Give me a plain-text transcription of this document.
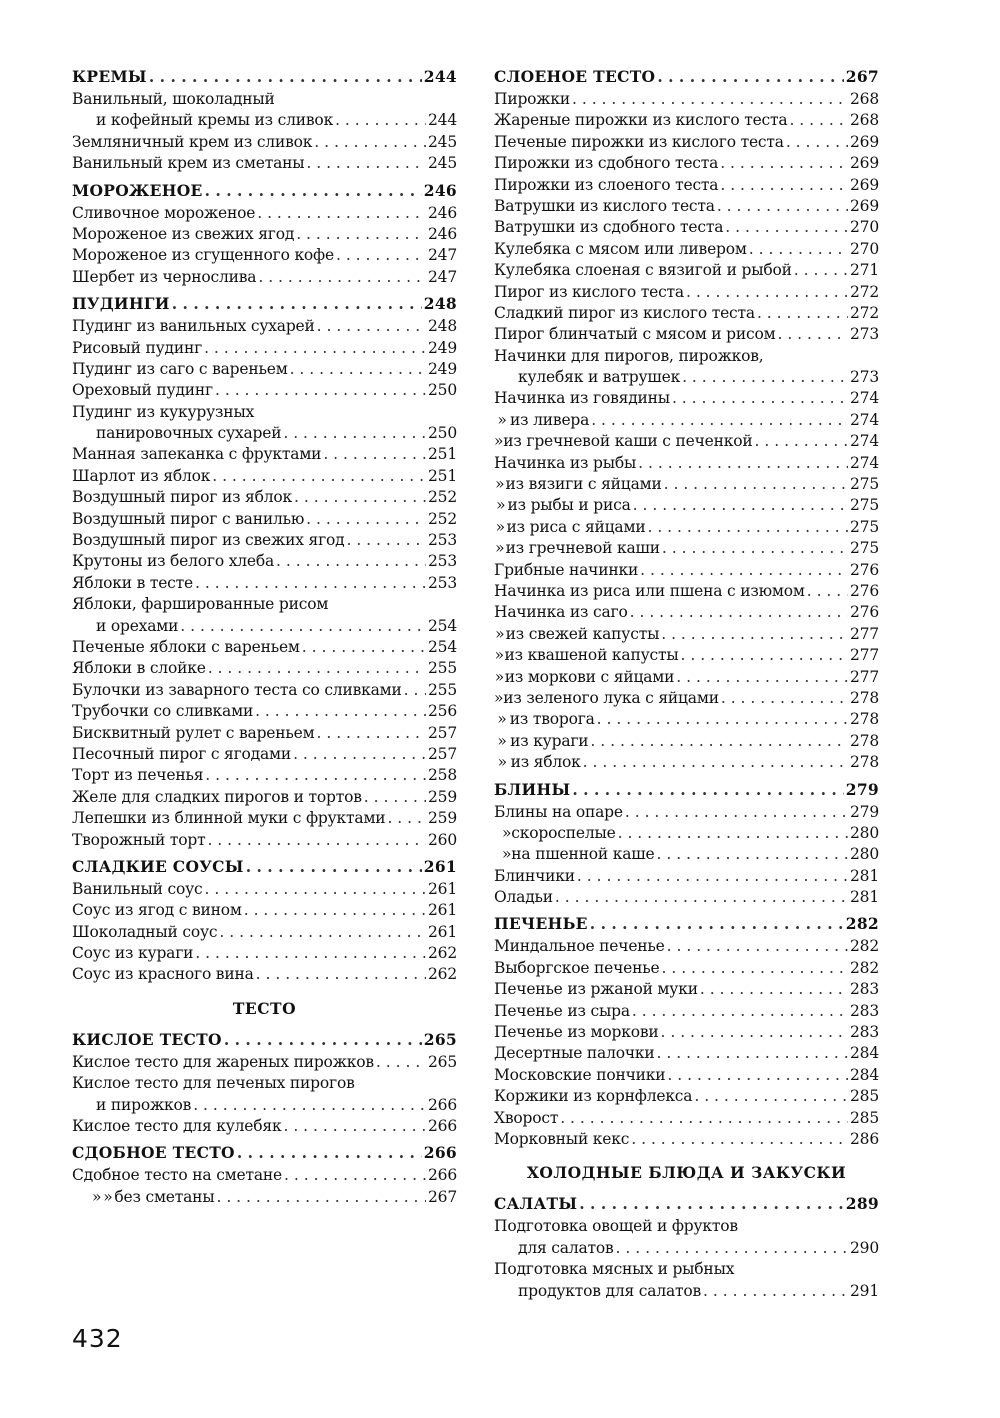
КРЕМЫ . . .	244
Ванильный, шоколадный
и кофейный кремы из сливок . . .	244
Земляничный крем из сливок . . .	245
Ванильный крем из сметаны . . .	245
МОРОЖЕНОЕ . . .	246
Сливочное мороженое . . .	246
Мороженое из свежих ягод . . .	246
Мороженое из сгущенного кофе . . .	247
Шербет из чернослива . . .	247
ПУДИНГИ . . .	248
Пудинг из ванильных сухарей . . .	248
Рисовый пудинг . . .	249
Пудинг из саго с вареньем . . .	249
Ореховый пудинг . . .	250
Пудинг из кукурузных
панировочных сухарей . . .	250
Манная запеканка с фруктами . . .	251
Шарлот из яблок . . .	251
Воздушный пирог из яблок . . .	252
Воздушный пирог с ванилью . . .	252
Воздушный пирог из свежих ягод . . .	253
Крутоны из белого хлеба . . .	253
Яблоки в тесте . . .	253
Яблоки, фаршированные рисом
и орехами . . .	254
Печеные яблоки с вареньем . . .	254
Яблоки в слойке . . .	255
Булочки из заварного теста со сливками . . . 255
Трубочки со сливками . . .	256
Бисквитный рулет с вареньем . . .	257
Песочный пирог с ягодами . . .	257
Торт из печенья . . .	258
Желе для сладких пирогов и тортов . . .	259
Лепешки из блинной муки с фруктами . . .	259
Творожный торт . . .	260
СЛАДКИЕ СОУСЫ . . .	261
Ванильный соус . . .	261
Соус из ягод с вином . . .	261
Шоколадный соус . . .	261
Соус из кураги . . .	262
Соус из красного вина . . .	262
ТЕСТО
КИСЛОЕ ТЕСТО . . .	265
Кислое тесто для жареных пирожков . . .	265
Кислое тесто для печеных пирогов
и пирожков . . .	266
Кислое тесто для кулебяк . . .	266
СДОБНОЕ ТЕСТО . . .	266
Сдобное тесто на сметане . . .	266
» » без сметаны . . .	267
СЛОЕНОЕ ТЕСТО . . .	267
Пирожки . . .	268
Жареные пирожки из кислого теста . . .	268
Печеные пирожки из кислого теста . . .	269
Пирожки из сдобного теста . . .	269
Пирожки из слоеного теста . . .	269
Ватрушки из кислого теста . . .	269
Ватрушки из сдобного теста . . .	270
Кулебяка с мясом или ливером . . .	270
Кулебяка слоеная с вязигой и рыбой . . .	271
Пирог из кислого теста . . .	272
Сладкий пирог из кислого теста . . .	272
Пирог блинчатый с мясом и рисом . . .	273
Начинки для пирогов, пирожков,
кулебяк и ватрушек . . .	273
Начинка из говядины . . .	274
» из ливера . . .	274
» из гречневой каши с печенкой . . .	274
Начинка из рыбы . . .	274
» из вязиги с яйцами . . .	275
» из рыбы и риса . . .	275
» из риса с яйцами . . .	275
» из гречневой каши . . .	275
Грибные начинки . . .	276
Начинка из риса или пшена с изюмом . . .	276
Начинка из саго . . .	276
» из свежей капусты . . .	277
» из квашеной капусты . . .	277
» из моркови с яйцами . . .	277
» из зеленого лука с яйцами . . .	278
» из творога . . .	278
» из кураги . . .	278
» из яблок . . .	278
БЛИНЫ . . .	279
Блины на опаре . . .	279
» скороспелые . . .	280
» на пшенной каше . . .	280
Блинчики . . .	281
Оладьи . . .	281
ПЕЧЕНЬЕ . . .	282
Миндальное печенье . . .	282
Выборгское печенье . . .	282
Печенье из ржаной муки . . .	283
Печенье из сыра . . .	283
Печенье из моркови . . .	283
Десертные палочки . . .	284
Московские пончики . . .	284
Коржики из корнфлекса . . .	285
Хворост . . .	285
Морковный кекс . . .	286
ХОЛОДНЫЕ БЛЮДА И ЗАКУСКИ
САЛАТЫ . . .	289
Подготовка овощей и фруктов
для салатов . . .	290
Подготовка мясных и рыбных
продуктов для салатов . . .	291
432
